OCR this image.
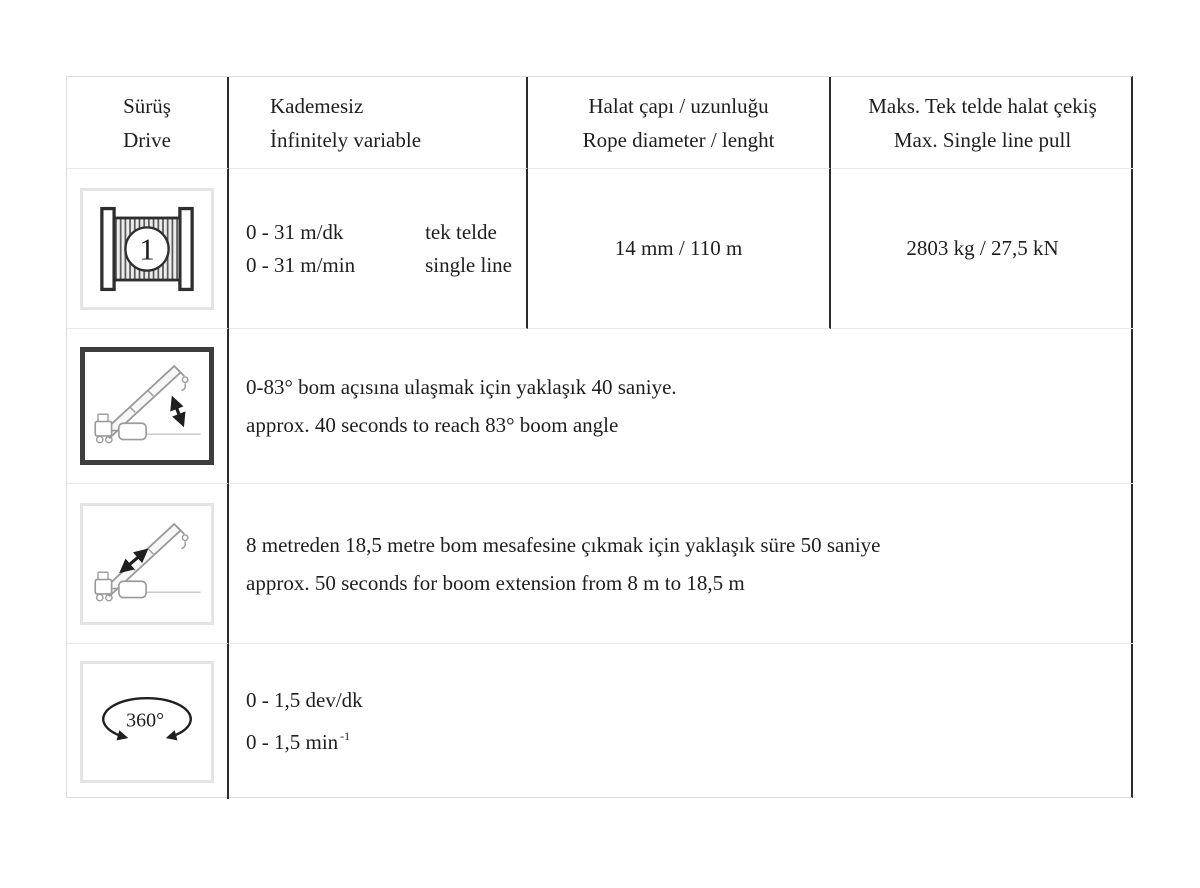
Sürüş
Drive
Kademesiz
İnfinitely variable
Halat çapı / uzunluğu
Rope diameter / lenght
Maks. Tek telde halat çekiş
Max. Single line pull
1	0 - 31 m/dk
0 - 31 m/min
tek telde
single line
14 mm / 110 m	2803 kg / 27,5 kN
0-83° bom açısına ulaşmak için yaklaşık 40 saniye.
approx. 40 seconds to reach 83° boom angle
8 metreden 18,5 metre bom mesafesine çıkmak için yaklaşık süre 50 saniye
approx. 50 seconds for boom extension from 8 m to 18,5 m
360°
0 - 1,5 dev/dk
0 - 1,5 min $^{-1}$
